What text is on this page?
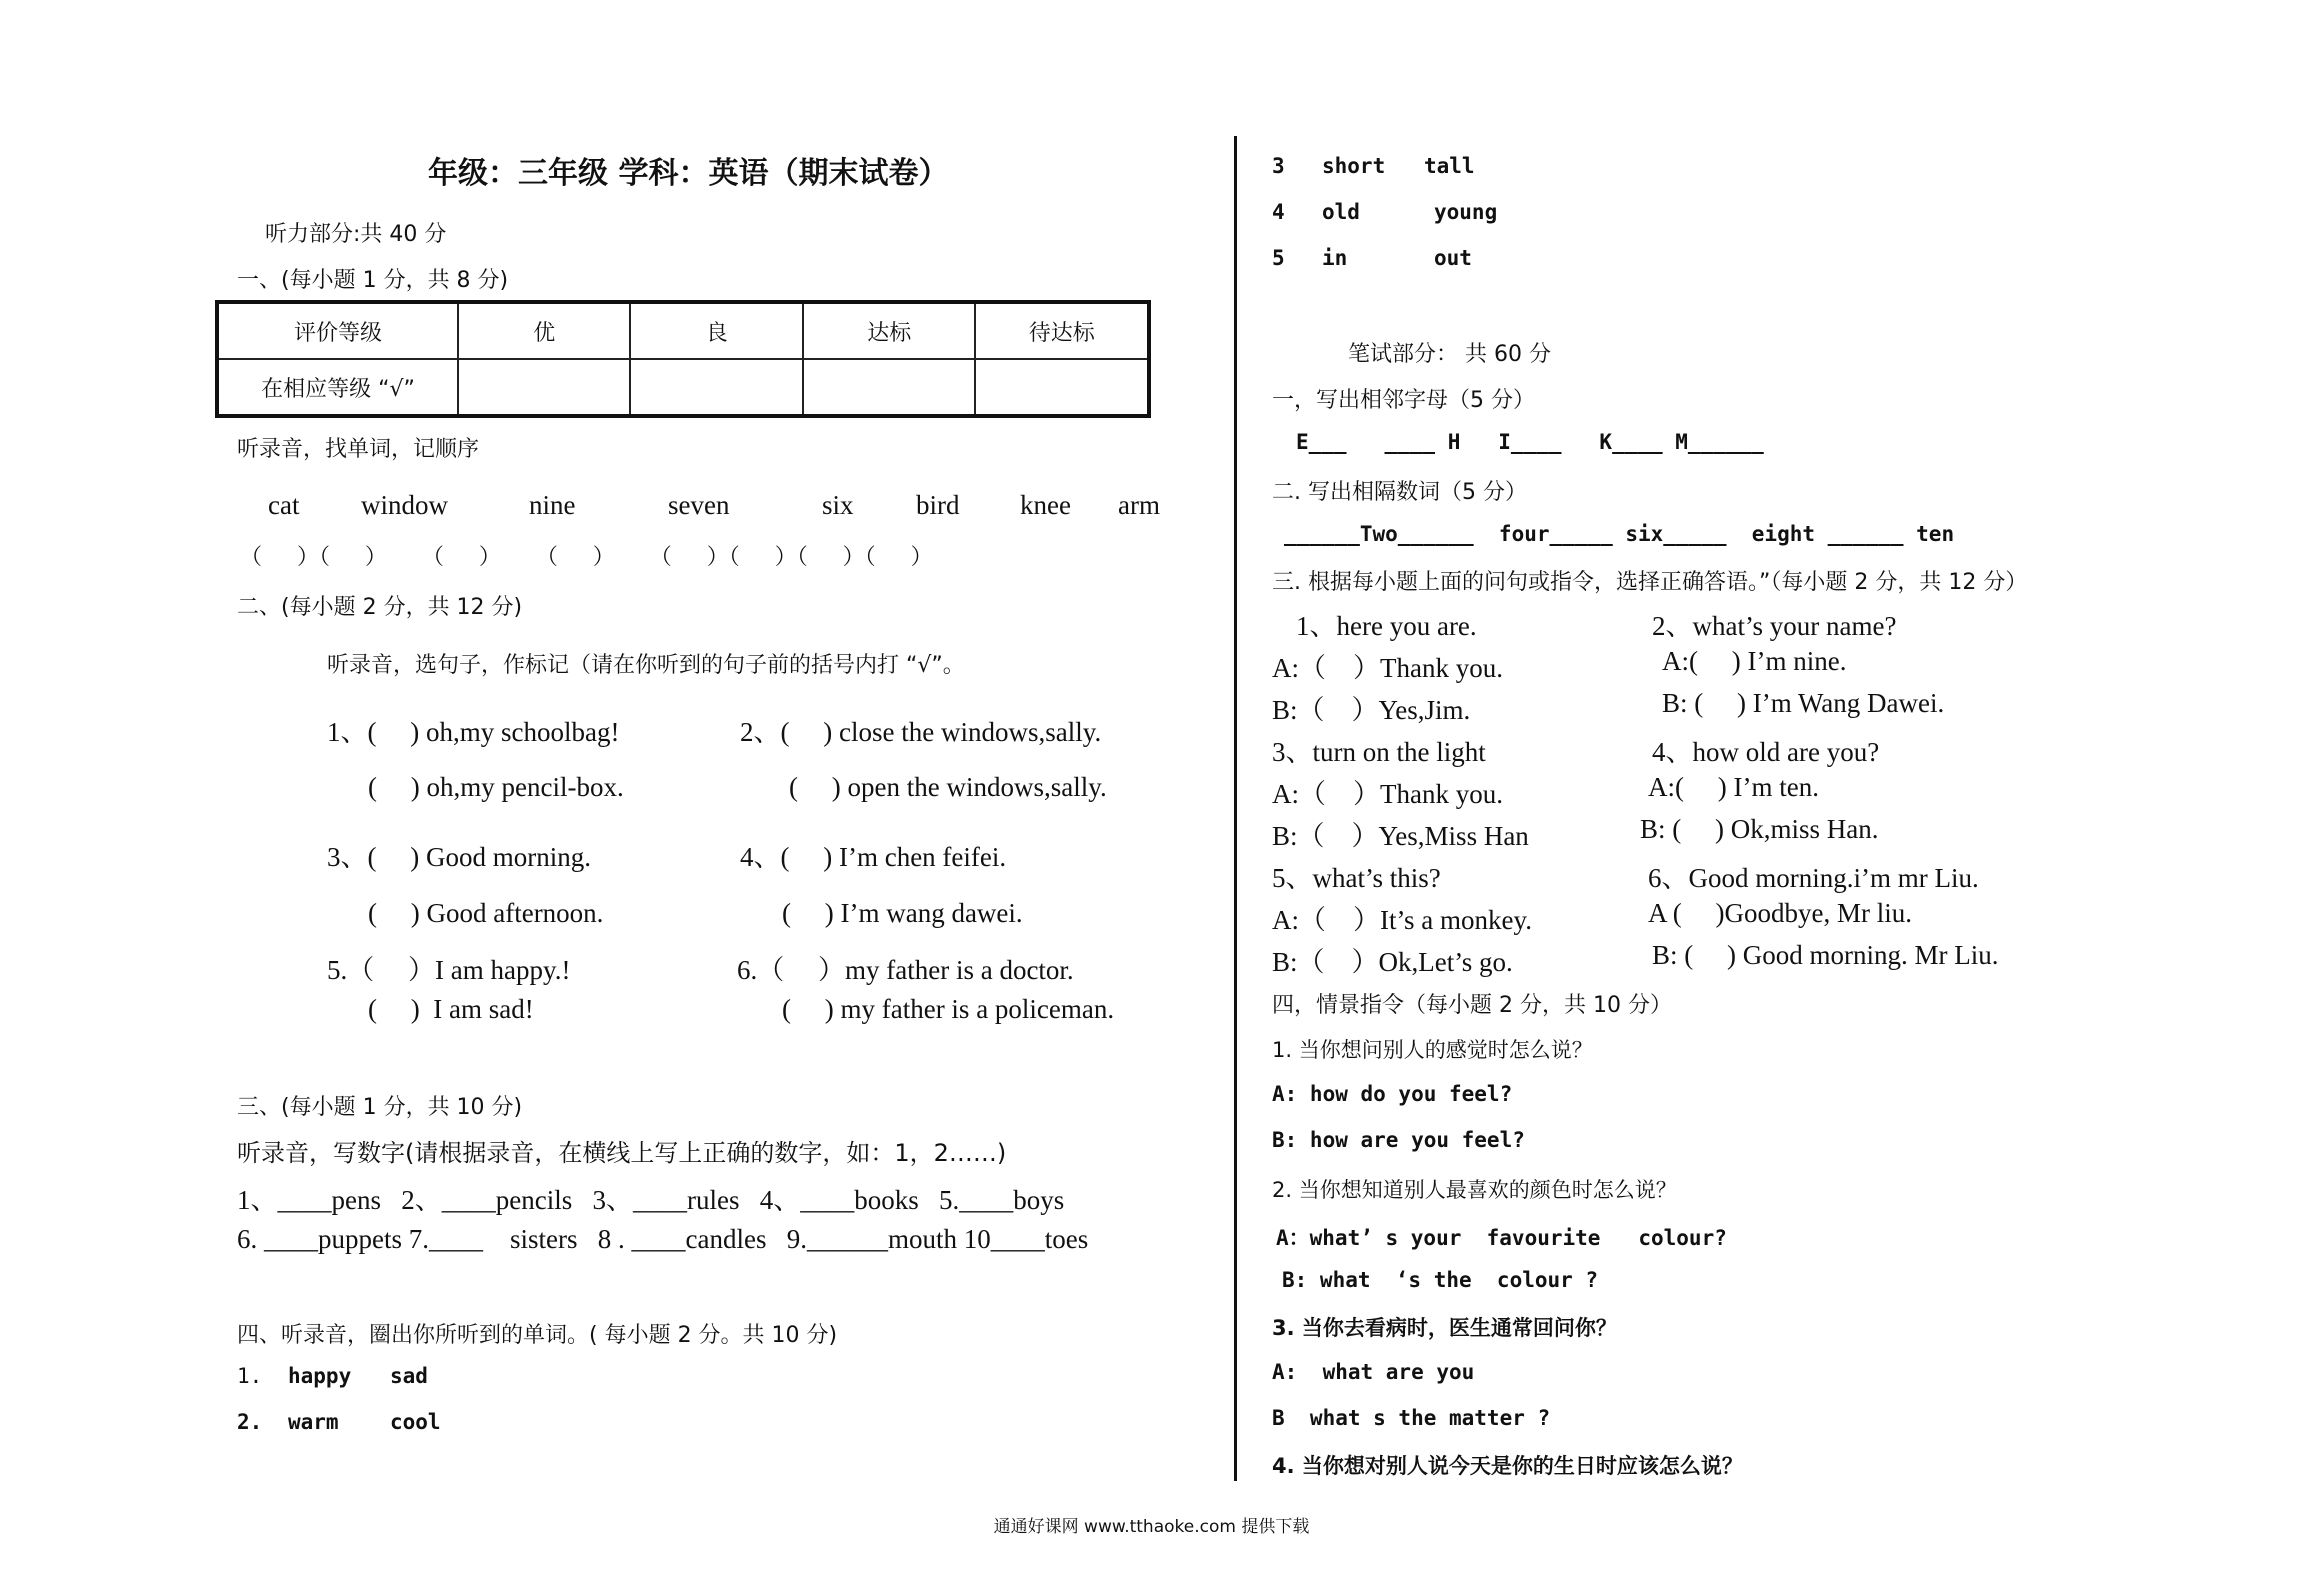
年级：三年级 学科：英语（期末试卷）
听力部分:共 40 分
一、(每小题 1 分，共 8 分)
评价等级	优	良	达标	待达标
在相应等级 “√”				
听录音，找单词，记顺序
cat window	nine	seven	six bird knee arm
（     ）（     ）     （     ）     （     ）     （     ）（     ）（     ）（     ）
二、(每小题 2 分，共 12 分)
听录音，选句子，作标记（请在你听到的句子前的括号内打 “√”。
1、(     ) oh,my schoolbag!	2、(     ) close the windows,sally.
(     ) oh,my pencil-box.	(     ) open the windows,sally.
3、(     ) Good morning.	4、(     ) I’m chen feifei.
(     ) Good afternoon.	(     ) I’m wang dawei.
5.（     ）I am happy.!	6.（     ）my father is a doctor.
(     )  I am sad!	(     ) my father is a policeman.
三、(每小题 1 分，共 10 分)
听录音，写数字(请根据录音，在横线上写上正确的数字，如：1，2……)
1、____pens   2、____pencils   3、____rules   4、____books   5.____boys
6. ____puppets 7.____    sisters   8 . ____candles   9.______mouth 10____toes
四、听录音，圈出你所听到的单词。( 每小题 2 分。共 10 分)
1. happy sad
2. warm cool
3 short tall
4 old	young
5 in	out
笔试部分： 共 60 分
一，写出相邻字母（5 分）
E___   ____ H   I____   K____ M______
二. 写出相隔数词（5 分）
______Two______  four_____ six_____  eight ______ ten
三. 根据每小题上面的问句或指令，选择正确答语。”（每小题 2 分，共 12 分）
1、here you are.	2、what’s your name?
A:（    ）Thank you.	A:(     ) I’m nine.
B:（    ）Yes,Jim.	B: (     ) I’m Wang Dawei.
3、turn on the light	4、how old are you?
A:（    ）Thank you.	A:(     ) I’m ten.
B:（    ）Yes,Miss Han	B: (     ) Ok,miss Han.
5、what’s this?	6、Good morning.i’m mr Liu.
A:（    ）It’s a monkey.	A (     )Goodbye, Mr liu.
B:（    ）Ok,Let’s go.	B: (     ) Good morning. Mr Liu.
四，情景指令（每小题 2 分，共 10 分）
1. 当你想问别人的感觉时怎么说？
A: how do you feel?
B: how are you feel?
2. 当你想知道别人最喜欢的颜色时怎么说？
A：what’ s your  favourite   colour?
B: what  ‘s the  colour ?
3. 当你去看病时，医生通常回问你？
A:  what are you
B  what s the matter ?
4. 当你想对别人说今天是你的生日时应该怎么说？
通通好课网 www.tthaoke.com 提供下载
